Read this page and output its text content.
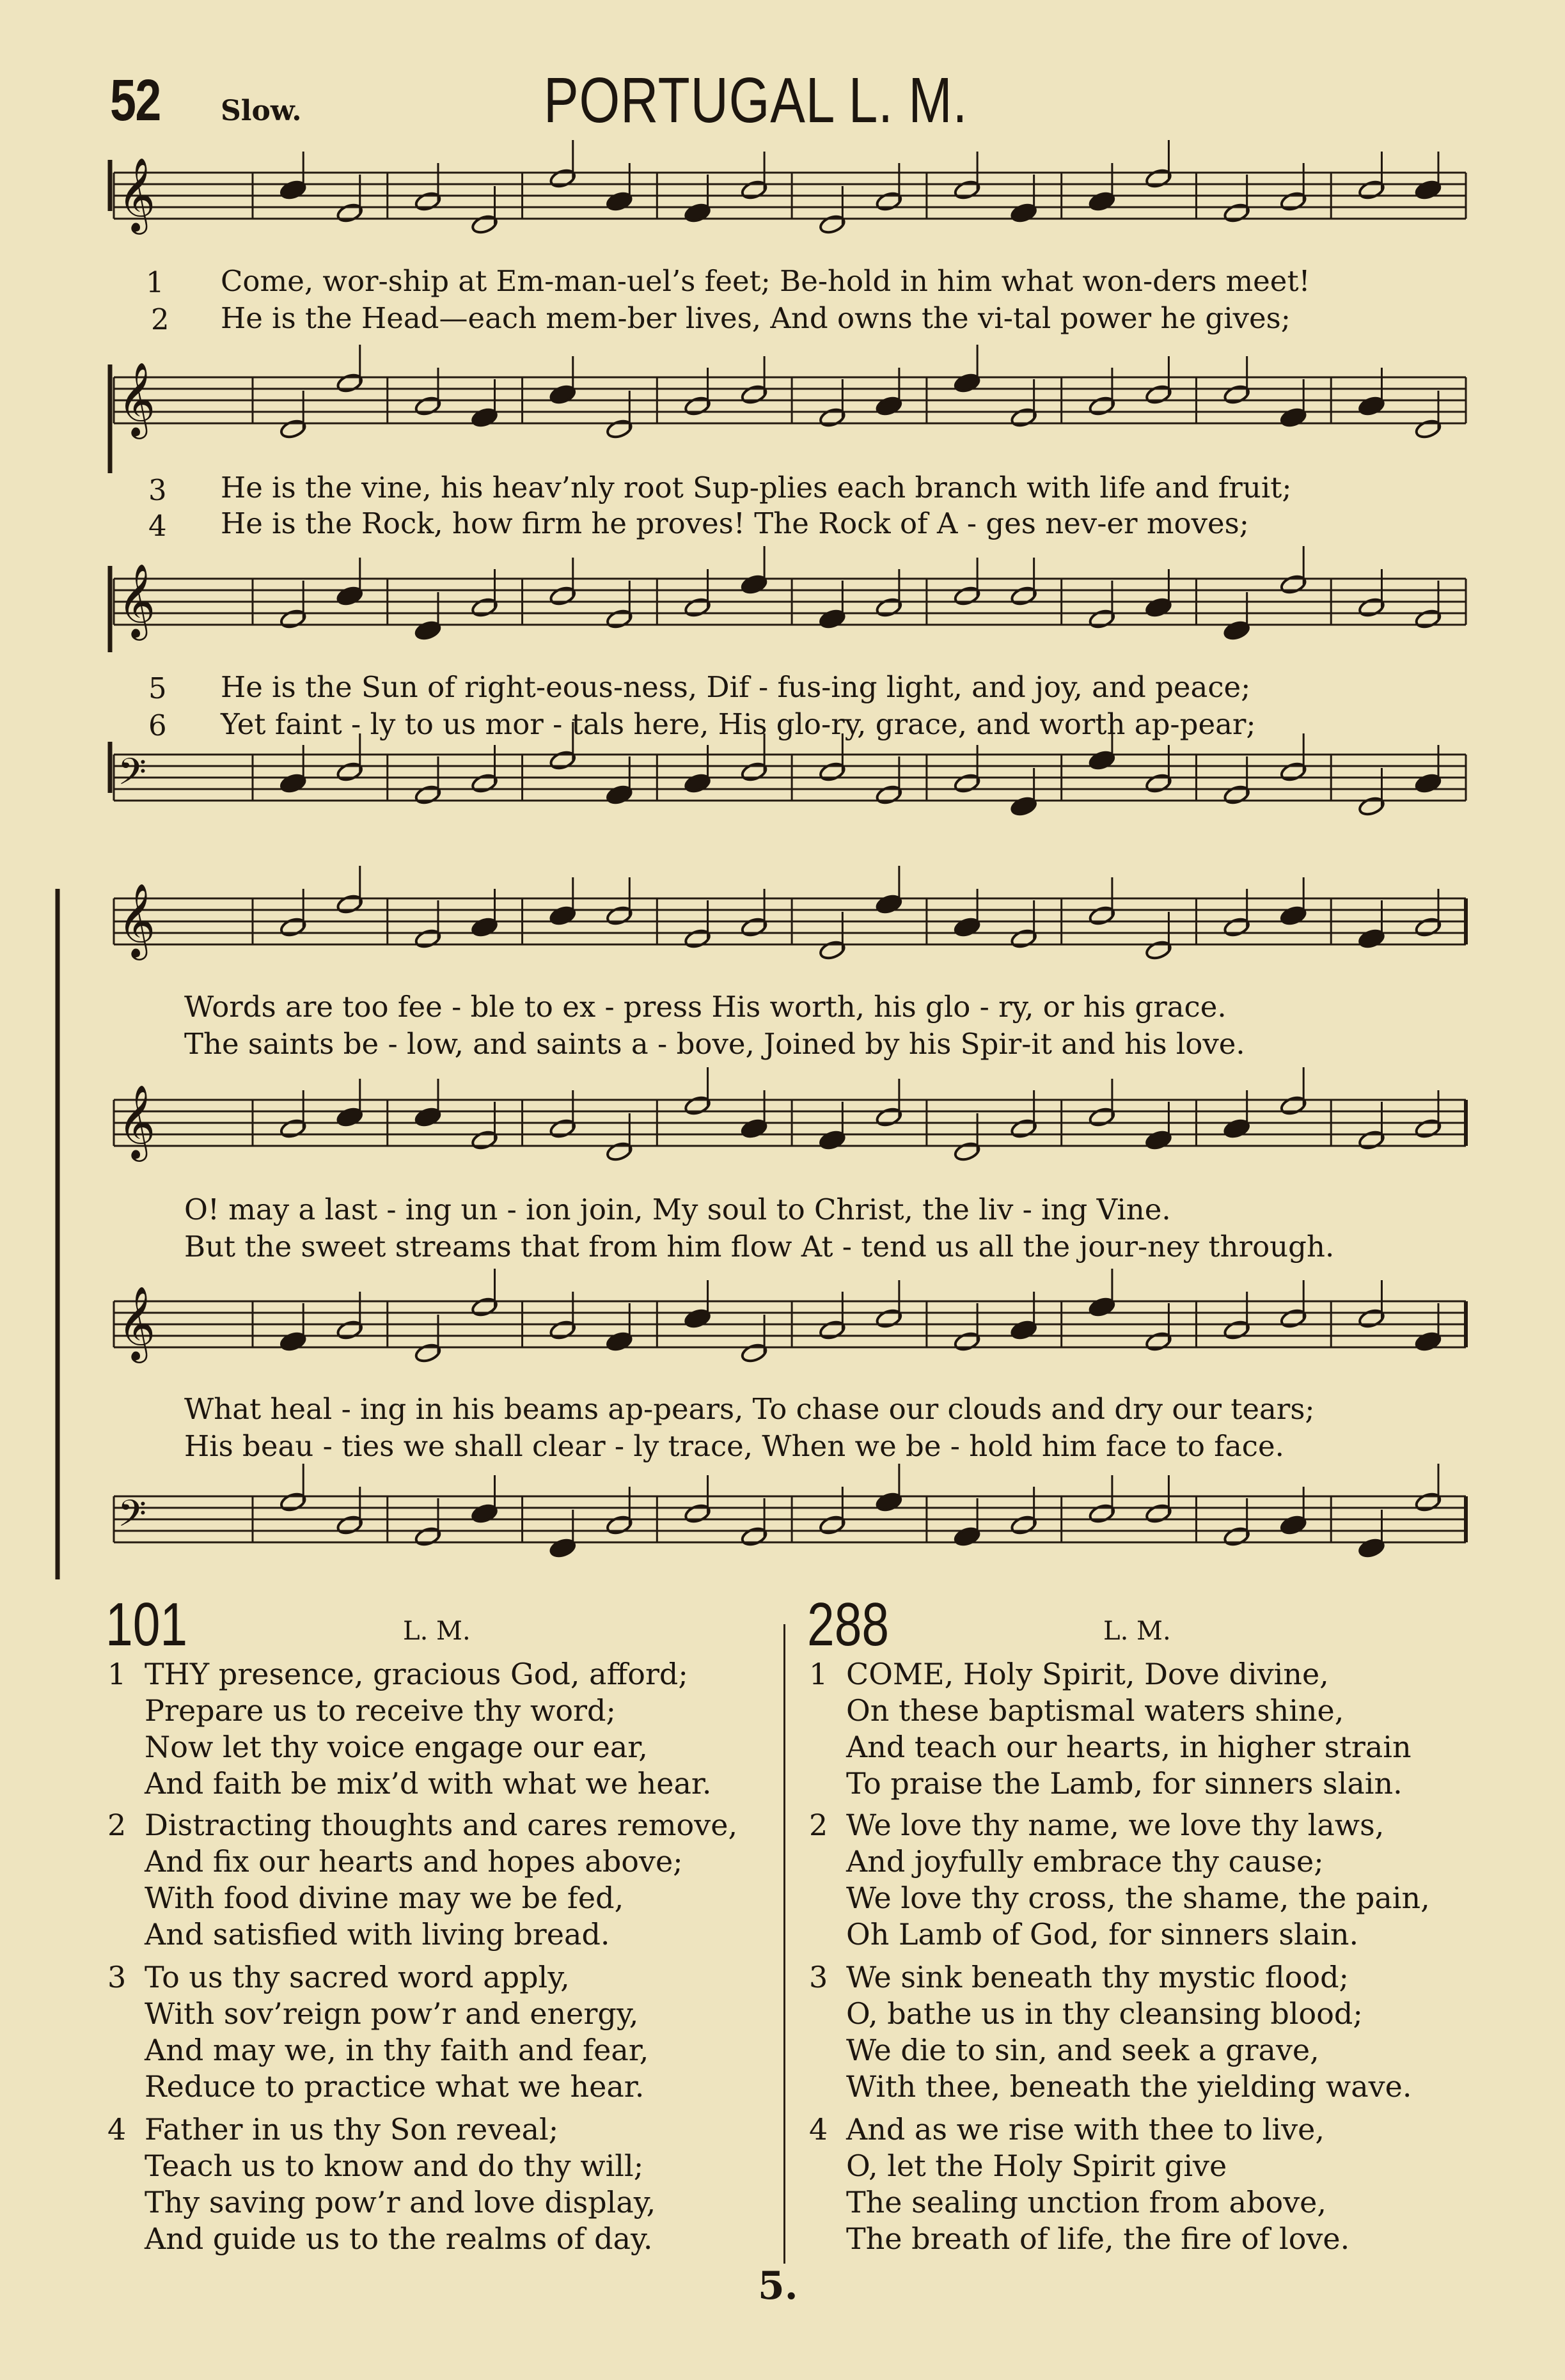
52 Slow.	PORTUGAL L. M.
𝄞
𝄞
𝄞
𝄢
𝄞
𝄞
𝄞
𝄢
1 Come, wor-ship at Em-man-uel’s feet; Be-hold in him what won-ders meet!
2 He is the Head—each mem-ber lives, And owns the vi-tal power he gives;
3 He is the vine, his heav’nly root Sup-plies each branch with life and fruit;
4 He is the Rock, how firm he proves! The Rock of A - ges nev-er moves;
5 He is the Sun of right-eous-ness, Dif - fus-ing light, and joy, and peace;
6 Yet faint - ly to us mor - tals here, His glo-ry, grace, and worth ap-pear;
Words are too fee - ble to ex - press His worth, his glo - ry, or his grace.
The saints be - low, and saints a - bove, Joined by his Spir-it and his love.
O! may a last - ing un - ion join, My soul to Christ, the liv - ing Vine.
But the sweet streams that from him flow At - tend us all the jour-ney through.
What heal - ing in his beams ap-pears, To chase our clouds and dry our tears;
His beau - ties we shall clear - ly trace, When we be - hold him face to face.
101	L. M.
1 THY presence, gracious God, afford;
Prepare us to receive thy word;
Now let thy voice engage our ear,
And faith be mix’d with what we hear.
2 Distracting thoughts and cares remove,
And fix our hearts and hopes above;
With food divine may we be fed,
And satisfied with living bread.
3 To us thy sacred word apply,
With sov’reign pow’r and energy,
And may we, in thy faith and fear,
Reduce to practice what we hear.
4 Father in us thy Son reveal;
Teach us to know and do thy will;
Thy saving pow’r and love display,
And guide us to the realms of day.
288	L. M.
1 COME, Holy Spirit, Dove divine,
On these baptismal waters shine,
And teach our hearts, in higher strain
To praise the Lamb, for sinners slain.
2 We love thy name, we love thy laws,
And joyfully embrace thy cause;
We love thy cross, the shame, the pain,
Oh Lamb of God, for sinners slain.
3 We sink beneath thy mystic flood;
O, bathe us in thy cleansing blood;
We die to sin, and seek a grave,
With thee, beneath the yielding wave.
4 And as we rise with thee to live,
O, let the Holy Spirit give
The sealing unction from above,
The breath of life, the fire of love.
5.
